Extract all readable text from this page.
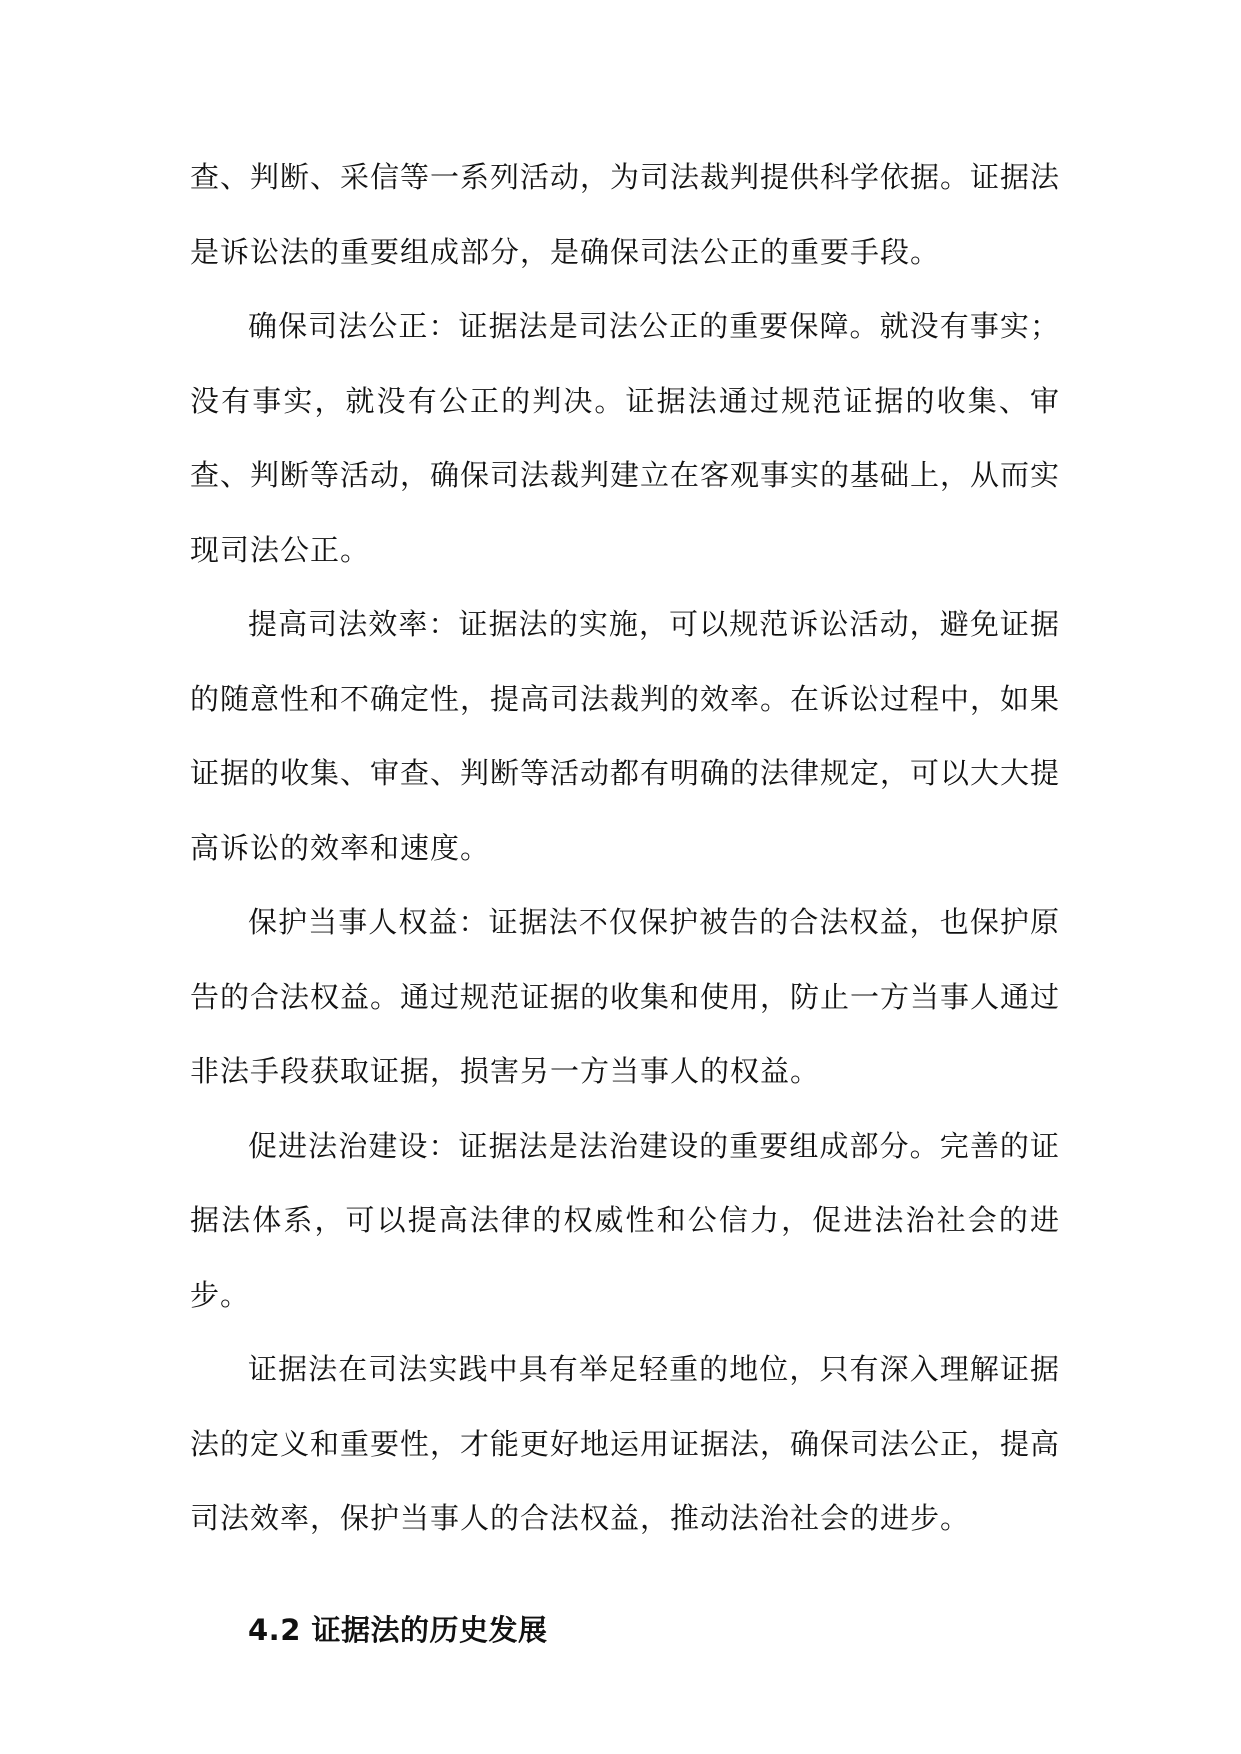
查、判断、采信等一系列活动，为司法裁判提供科学依据。证据法是诉讼法的重要组成部分，是确保司法公正的重要手段。

确保司法公正：证据法是司法公正的重要保障。就没有事实；没有事实，就没有公正的判决。证据法通过规范证据的收集、审查、判断等活动，确保司法裁判建立在客观事实的基础上，从而实现司法公正。

提高司法效率：证据法的实施，可以规范诉讼活动，避免证据的随意性和不确定性，提高司法裁判的效率。在诉讼过程中，如果证据的收集、审查、判断等活动都有明确的法律规定，可以大大提高诉讼的效率和速度。

保护当事人权益：证据法不仅保护被告的合法权益，也保护原告的合法权益。通过规范证据的收集和使用，防止一方当事人通过非法手段获取证据，损害另一方当事人的权益。

促进法治建设：证据法是法治建设的重要组成部分。完善的证据法体系，可以提高法律的权威性和公信力，促进法治社会的进步。

证据法在司法实践中具有举足轻重的地位，只有深入理解证据法的定义和重要性，才能更好地运用证据法，确保司法公正，提高司法效率，保护当事人的合法权益，推动法治社会的进步。

4.2 证据法的历史发展
